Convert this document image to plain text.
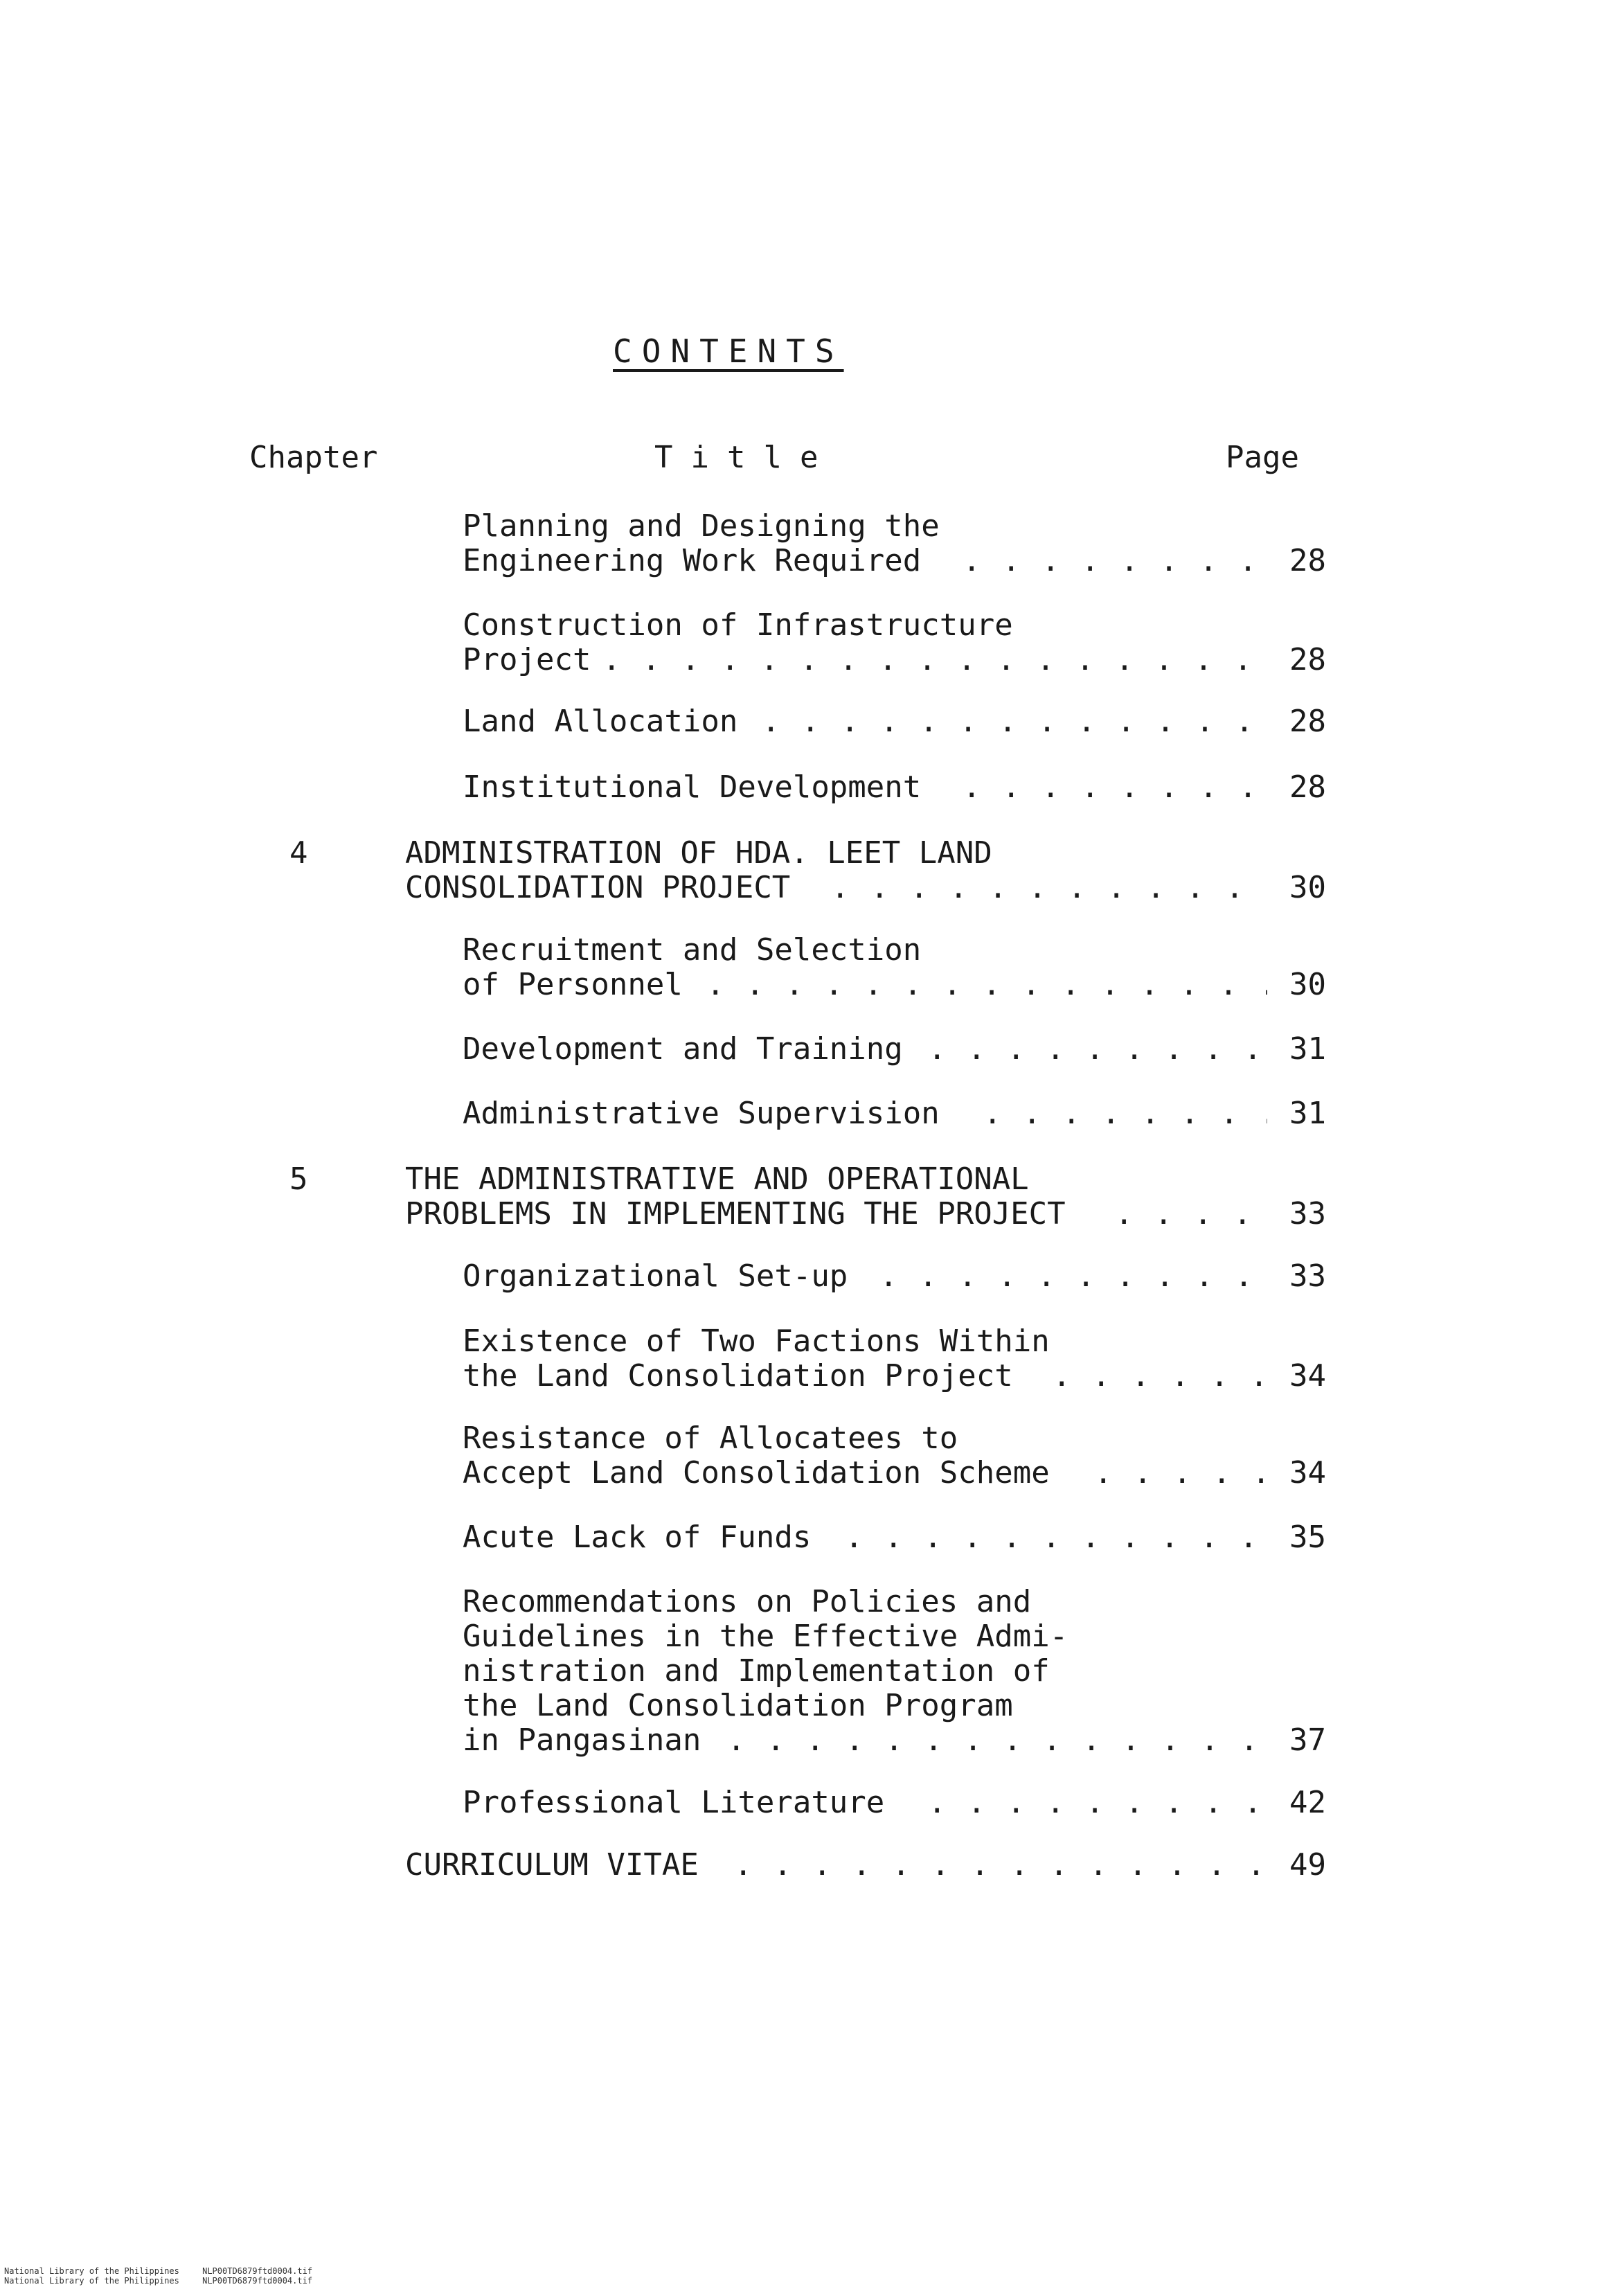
CONTENTS
Chapter	Title	Page
Planning and Designing the
Engineering Work Required . . .	28
Construction of Infrastructure
Project . . .	28
Land Allocation . . .	28
Institutional Development . . .	28
4	ADMINISTRATION OF HDA. LEET LAND
CONSOLIDATION PROJECT . . .	30
Recruitment and Selection
of Personnel . . .	30
Development and Training . . .	31
Administrative Supervision . . .	31
5	THE ADMINISTRATIVE AND OPERATIONAL
PROBLEMS IN IMPLEMENTING THE PROJECT . . .	33
Organizational Set-up . . .	33
Existence of Two Factions Within
the Land Consolidation Project . . .	34
Resistance of Allocatees to
Accept Land Consolidation Scheme . . .	34
Acute Lack of Funds . . .	35
Recommendations on Policies and
Guidelines in the Effective Admi-
nistration and Implementation of
the Land Consolidation Program
in Pangasinan . . .	37
Professional Literature . . .	42
CURRICULUM VITAE . . .	49
National Library of the Philippines	NLP00TD6879ftd0004.tif
National Library of the Philippines	NLP00TD6879ftd0004.tif
